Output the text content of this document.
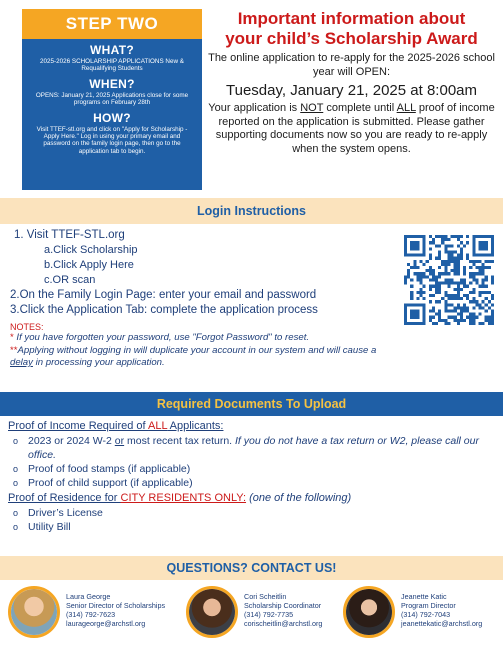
STEP TWO
WHAT?

2025-2026 SCHOLARSHIP APPLICATIONS New & Requalifying Students

WHEN?

OPENS: January 21, 2025 Applications close for some programs on February 28th

HOW?

Visit TTEF-stl.org and click on "Apply for Scholarship - Apply Here." Log in using your primary email and password on the family login page, then go to the application tab to begin.

Important information about
your child’s Scholarship Award
The online application to re-apply for the 2025-2026 school year will OPEN:
Tuesday, January 21, 2025 at 8:00am
Your application is NOT complete until ALL proof of income reported on the application is submitted. Please gather supporting documents now so you are ready to re-apply when the system opens.
Login Instructions
1. Visit TTEF-STL.org
a.Click Scholarship
b.Click Apply Here
c.OR scan
2.On the Family Login Page: enter your email and password
3.Click the Application Tab: complete the application process
NOTES:
* If you have forgotten your password, use "Forgot Password" to reset.
**Applying without logging in will duplicate your account in our system and will cause a delay in processing your application.
Required Documents To Upload
Proof of Income Required of ALL Applicants:
o 2023 or 2024 W-2 or most recent tax return. If you do not have a tax return or W2, please call our office.
o Proof of food stamps (if applicable)
o Proof of child support (if applicable)
Proof of Residence for CITY RESIDENTS ONLY: (one of the following)
o Driver’s License
o Utility Bill
QUESTIONS? CONTACT US!
Laura George
Senior Director of Scholarships
(314) 792-7623
laurageorge@archstl.org
Cori Scheitlin
Scholarship Coordinator
(314) 792-7735
corischeitlin@archstl.org
Jeanette Katic
Program Director
(314) 792-7043
jeanettekatic@archstl.org
